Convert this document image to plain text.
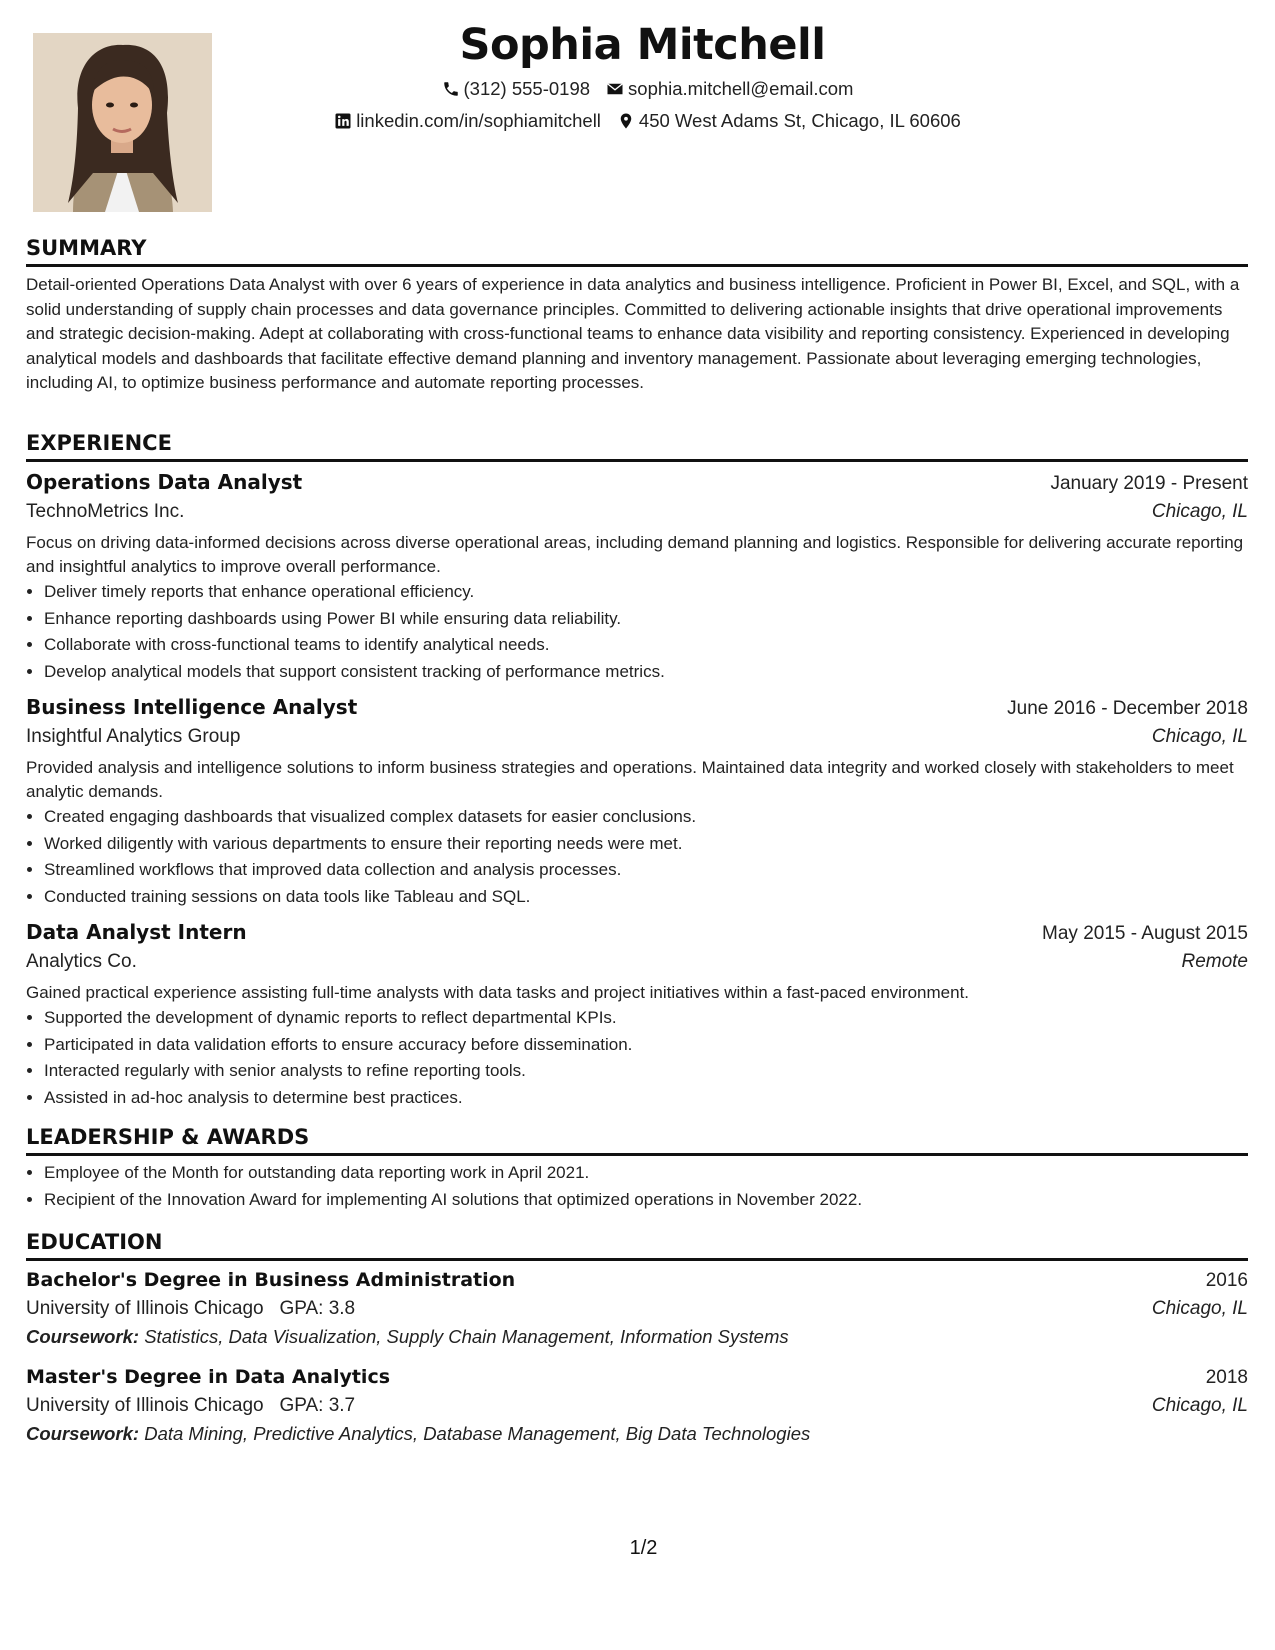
Sophia Mitchell
(312) 555-0198 sophia.mitchell@email.com
linkedin.com/in/sophiamitchell 450 West Adams St, Chicago, IL 60606
SUMMARY
Detail-oriented Operations Data Analyst with over 6 years of experience in data analytics and business intelligence. Proficient in Power BI, Excel, and SQL, with a solid understanding of supply chain processes and data governance principles. Committed to delivering actionable insights that drive operational improvements and strategic decision-making. Adept at collaborating with cross-functional teams to enhance data visibility and reporting consistency. Experienced in developing analytical models and dashboards that facilitate effective demand planning and inventory management. Passionate about leveraging emerging technologies, including AI, to optimize business performance and automate reporting processes.
EXPERIENCE
Operations Data Analyst	January 2019 - Present
TechnoMetrics Inc.	Chicago, IL
Focus on driving data-informed decisions across diverse operational areas, including demand planning and logistics. Responsible for delivering accurate reporting and insightful analytics to improve overall performance.
• Deliver timely reports that enhance operational efficiency.
• Enhance reporting dashboards using Power BI while ensuring data reliability.
• Collaborate with cross-functional teams to identify analytical needs.
• Develop analytical models that support consistent tracking of performance metrics.
Business Intelligence Analyst	June 2016 - December 2018
Insightful Analytics Group	Chicago, IL
Provided analysis and intelligence solutions to inform business strategies and operations. Maintained data integrity and worked closely with stakeholders to meet analytic demands.
• Created engaging dashboards that visualized complex datasets for easier conclusions.
• Worked diligently with various departments to ensure their reporting needs were met.
• Streamlined workflows that improved data collection and analysis processes.
• Conducted training sessions on data tools like Tableau and SQL.
Data Analyst Intern	May 2015 - August 2015
Analytics Co.	Remote
Gained practical experience assisting full-time analysts with data tasks and project initiatives within a fast-paced environment.
• Supported the development of dynamic reports to reflect departmental KPIs.
• Participated in data validation efforts to ensure accuracy before dissemination.
• Interacted regularly with senior analysts to refine reporting tools.
• Assisted in ad-hoc analysis to determine best practices.
LEADERSHIP & AWARDS
• Employee of the Month for outstanding data reporting work in April 2021.
• Recipient of the Innovation Award for implementing AI solutions that optimized operations in November 2022.
EDUCATION
Bachelor's Degree in Business Administration	2016
University of Illinois Chicago GPA: 3.8	Chicago, IL
Coursework: Statistics, Data Visualization, Supply Chain Management, Information Systems
Master's Degree in Data Analytics	2018
University of Illinois Chicago GPA: 3.7	Chicago, IL
Coursework: Data Mining, Predictive Analytics, Database Management, Big Data Technologies
1/2
